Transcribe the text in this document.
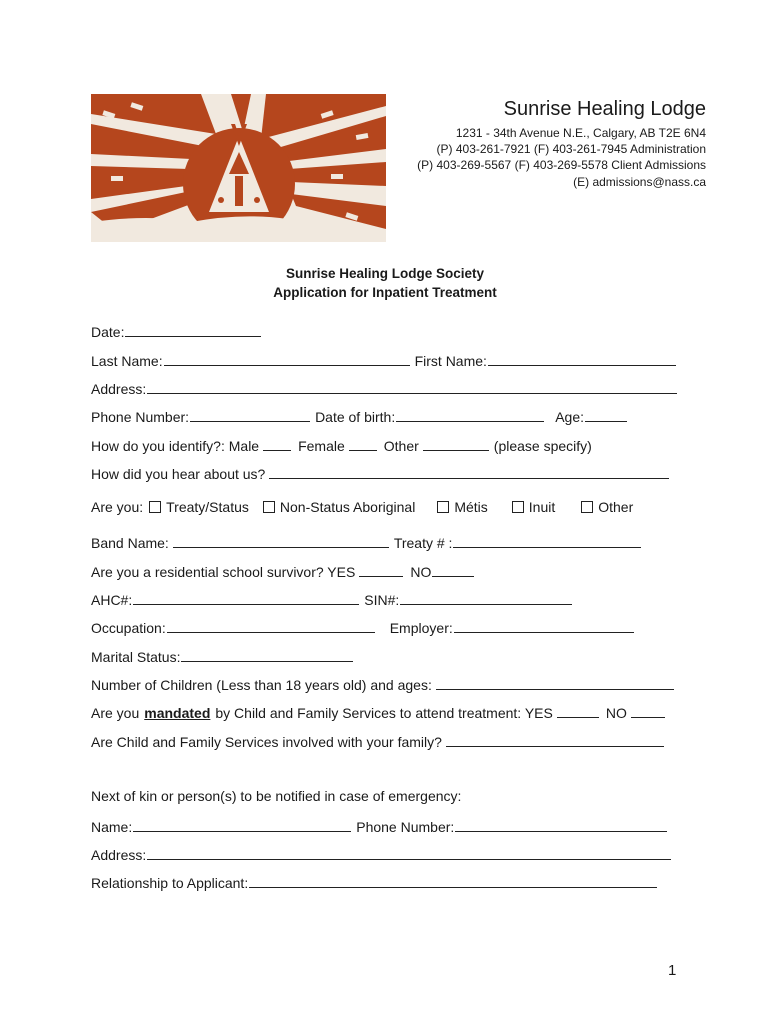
Sunrise Healing Lodge
1231 - 34th Avenue N.E., Calgary, AB T2E 6N4
(P) 403-261-7921 (F) 403-261-7945 Administration
(P) 403-269-5567 (F) 403-269-5578 Client Admissions
(E) admissions@nass.ca
Sunrise Healing Lodge Society
Application for Inpatient Treatment
Date:
Last Name:	First Name:
Address:
Phone Number:	Date of birth:	Age:
How do you identify?: Male	Female	Other	(please specify)
How did you hear about us?
Are you: Treaty/Status Non-Status Aboriginal	Métis	Inuit	Other
Band Name:	Treaty # :
Are you a residential school survivor? YES	NO
AHC#:	SIN#:
Occupation:	Employer:
Marital Status:
Number of Children (Less than 18 years old) and ages:
Are you mandated by Child and Family Services to attend treatment: YES	NO
Are Child and Family Services involved with your family?
Next of kin or person(s) to be notified in case of emergency:
Name:	Phone Number:
Address:
Relationship to Applicant:
1
